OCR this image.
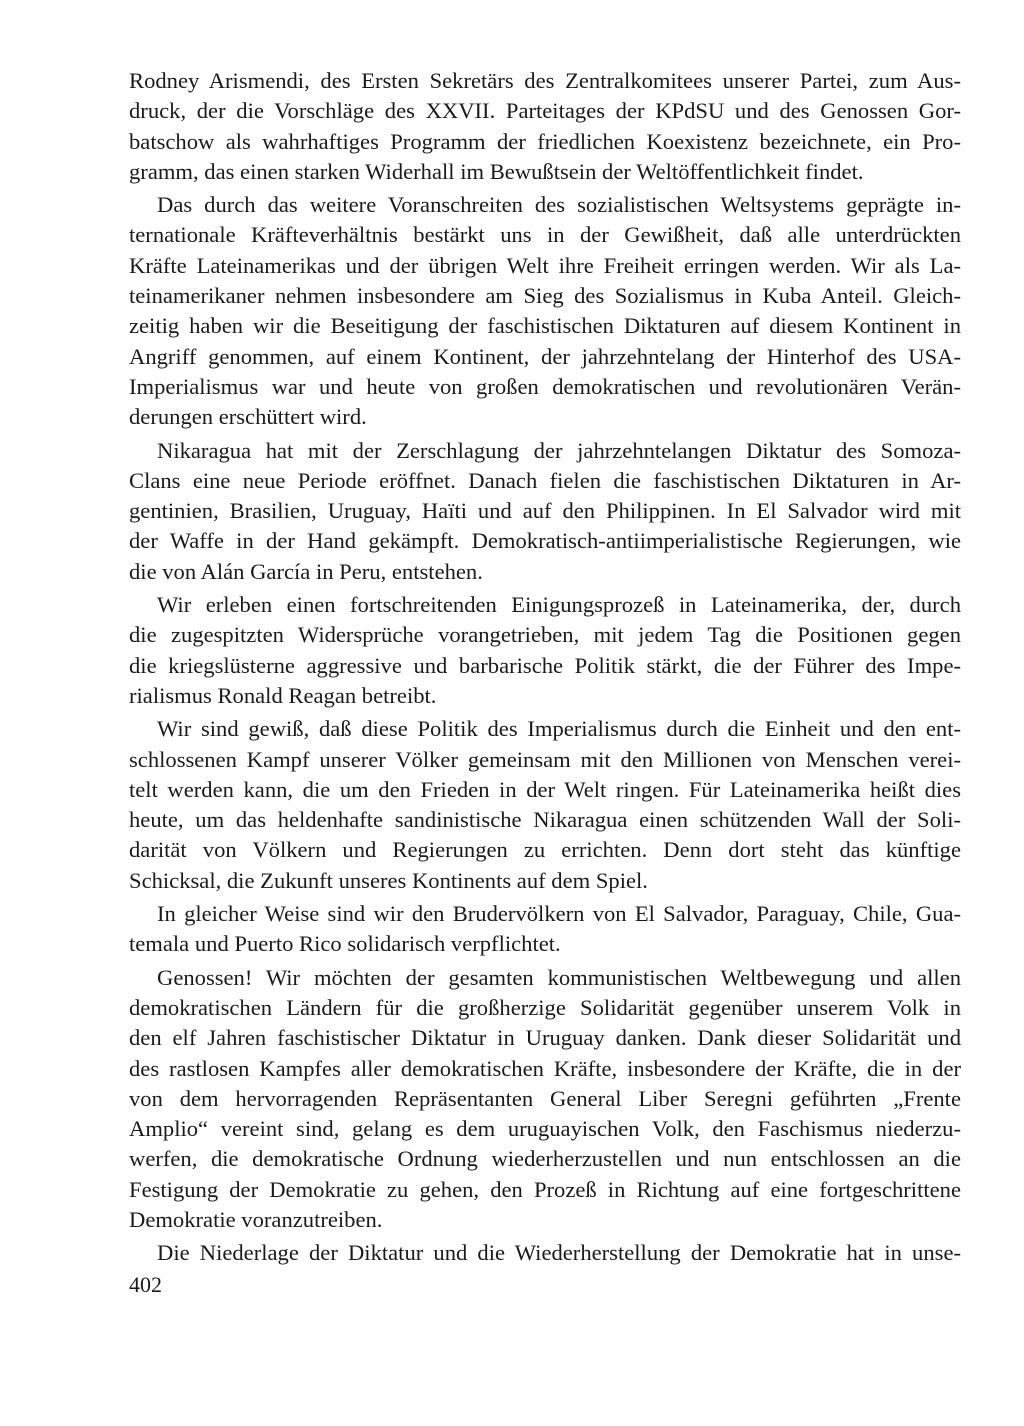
Rodney Arismendi, des Ersten Sekretärs des Zentralkomitees unserer Partei, zum Aus-
druck, der die Vorschläge des XXVII. Parteitages der KPdSU und des Genossen Gor-
batschow als wahrhaftiges Programm der friedlichen Koexistenz bezeichnete, ein Pro-
gramm, das einen starken Widerhall im Bewußtsein der Weltöffentlichkeit findet.

Das durch das weitere Voranschreiten des sozialistischen Weltsystems geprägte in-
ternationale Kräfteverhältnis bestärkt uns in der Gewißheit, daß alle unterdrückten
Kräfte Lateinamerikas und der übrigen Welt ihre Freiheit erringen werden. Wir als La-
teinamerikaner nehmen insbesondere am Sieg des Sozialismus in Kuba Anteil. Gleich-
zeitig haben wir die Beseitigung der faschistischen Diktaturen auf diesem Kontinent in
Angriff genommen, auf einem Kontinent, der jahrzehntelang der Hinterhof des USA-
Imperialismus war und heute von großen demokratischen und revolutionären Verän-
derungen erschüttert wird.

Nikaragua hat mit der Zerschlagung der jahrzehntelangen Diktatur des Somoza-
Clans eine neue Periode eröffnet. Danach fielen die faschistischen Diktaturen in Ar-
gentinien, Brasilien, Uruguay, Haïti und auf den Philippinen. In El Salvador wird mit
der Waffe in der Hand gekämpft. Demokratisch-antiimperialistische Regierungen, wie
die von Alán García in Peru, entstehen.

Wir erleben einen fortschreitenden Einigungsprozeß in Lateinamerika, der, durch
die zugespitzten Widersprüche vorangetrieben, mit jedem Tag die Positionen gegen
die kriegslüsterne aggressive und barbarische Politik stärkt, die der Führer des Impe-
rialismus Ronald Reagan betreibt.

Wir sind gewiß, daß diese Politik des Imperialismus durch die Einheit und den ent-
schlossenen Kampf unserer Völker gemeinsam mit den Millionen von Menschen verei-
telt werden kann, die um den Frieden in der Welt ringen. Für Lateinamerika heißt dies
heute, um das heldenhafte sandinistische Nikaragua einen schützenden Wall der Soli-
darität von Völkern und Regierungen zu errichten. Denn dort steht das künftige
Schicksal, die Zukunft unseres Kontinents auf dem Spiel.

In gleicher Weise sind wir den Brudervölkern von El Salvador, Paraguay, Chile, Gua-
temala und Puerto Rico solidarisch verpflichtet.

Genossen! Wir möchten der gesamten kommunistischen Weltbewegung und allen
demokratischen Ländern für die großherzige Solidarität gegenüber unserem Volk in
den elf Jahren faschistischer Diktatur in Uruguay danken. Dank dieser Solidarität und
des rastlosen Kampfes aller demokratischen Kräfte, insbesondere der Kräfte, die in der
von dem hervorragenden Repräsentanten General Liber Seregni geführten „Frente
Amplio“ vereint sind, gelang es dem uruguayischen Volk, den Faschismus niederzu-
werfen, die demokratische Ordnung wiederherzustellen und nun entschlossen an die
Festigung der Demokratie zu gehen, den Prozeß in Richtung auf eine fortgeschrittene
Demokratie voranzutreiben.

Die Niederlage der Diktatur und die Wiederherstellung der Demokratie hat in unse-

402
